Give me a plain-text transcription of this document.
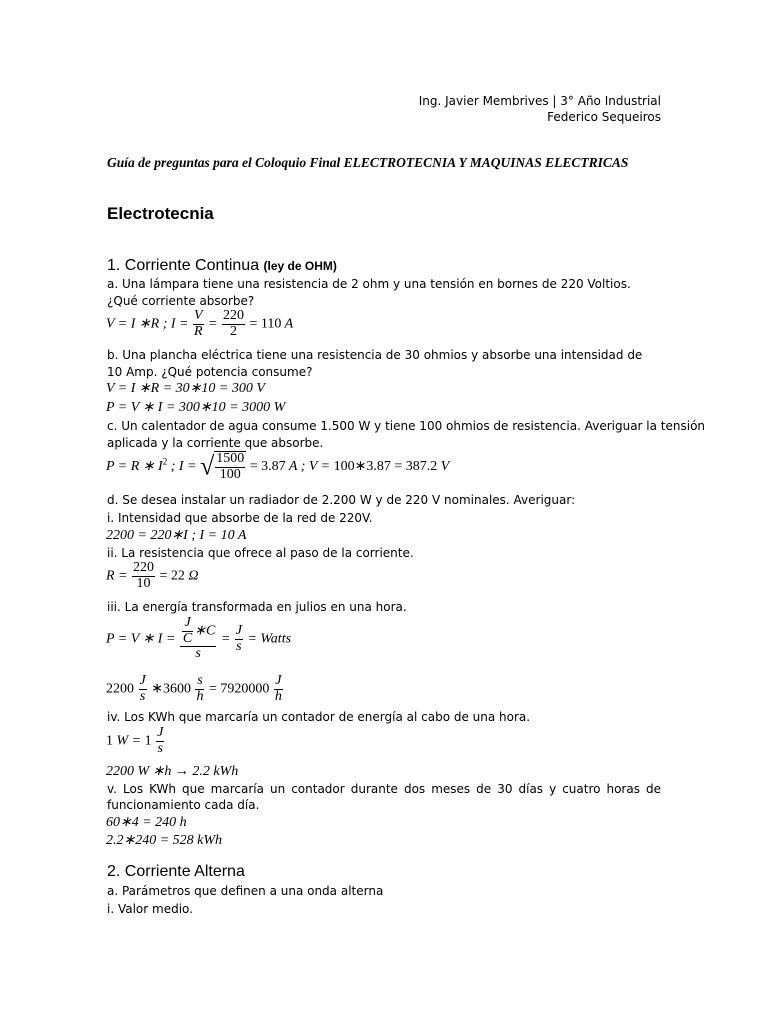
Ing. Javier Membrives | 3° Año Industrial
Federico Sequeiros
Guía de preguntas para el Coloquio Final ELECTROTECNIA Y MAQUINAS ELECTRICAS
Electrotecnia
1. Corriente Continua (ley de OHM)
a. Una lámpara tiene una resistencia de 2 ohm y una tensión en bornes de 220 Voltios.
¿Qué corriente absorbe?
V = I ∗R ; $I = \frac{V}{R} = \frac{220}{2} = 110$ A
b. Una plancha eléctrica tiene una resistencia de 30 ohmios y absorbe una intensidad de
10 Amp. ¿Qué potencia consume?
V = I ∗R = 30∗10 = 300 V
P = V ∗ I = 300∗10 = 3000 W
c. Un calentador de agua consume 1.500 W y tiene 100 ohmios de resistencia. Averiguar la tensión
aplicada y la corriente que absorbe.
P = R ∗ $I^2$ ; I = √ $\frac{1500}{100} = 3.87$ A ; V = 100∗3.87 = 387.2 V
d. Se desea instalar un radiador de 2.200 W y de 220 V nominales. Averiguar:
i. Intensidad que absorbe de la red de 220V.
2200 = 220∗I ; I = 10 A
ii. La resistencia que ofrece al paso de la corriente.
$R = \frac{220}{10} = 22$ Ω
iii. La energía transformada en julios en una hora.
P = V ∗ $I = \frac{\frac{J}{C} ∗C}{s} = \frac{J}{s}$ = Watts
$2200 \frac{J}{s}$ ∗3600 $\frac{s}{h} = 7920000 \frac{J}{h}$
iv. Los KWh que marcaría un contador de energía al cabo de una hora.
1 $W = 1 \frac{J}{s}$
2200 W ∗h → 2.2 kWh
v. Los KWh que marcaría un contador durante dos meses de 30 días y cuatro horas de
funcionamiento cada día.
60∗4 = 240 h
2.2∗240 = 528 kWh
2. Corriente Alterna
a. Parámetros que definen a una onda alterna
i. Valor medio.
